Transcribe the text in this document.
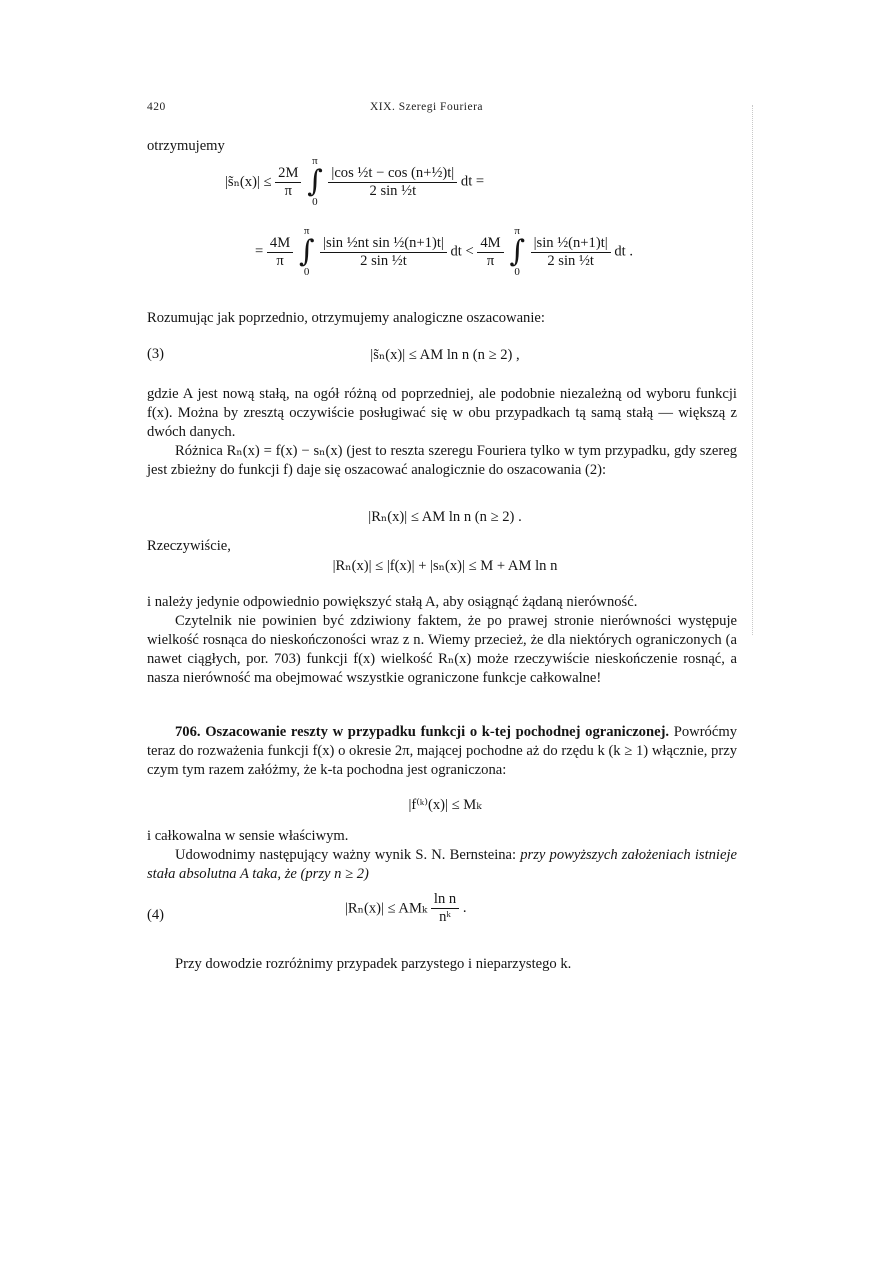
420	XIX. Szeregi Fouriera
otrzymujemy
|s̃ₙ(x)| ≤ $\frac{2M}{\pi}$
π
∫
0
$\frac{\text{|cos ½t − cos (n+½)t|}}{\text{2 sin ½t}}$ dt =
= $\frac{4M}{\pi}$
π
∫
0
$\frac{\text{|sin ½nt sin ½(n+1)t|}}{\text{2 sin ½t}}$ dt < $\frac{4M}{\pi}$
π
∫
0
$\frac{\text{|sin ½(n+1)t|}}{\text{2 sin ½t}}$ dt .
Rozumując jak poprzednio, otrzymujemy analogiczne oszacowanie:
(3)	|s̃ₙ(x)| ≤ AM ln n (n ≥ 2) ,
gdzie A jest nową stałą, na ogół różną od poprzedniej, ale podobnie niezależną od wyboru funkcji f(x). Można by zresztą oczywiście posługiwać się w obu przypadkach tą samą stałą — większą z dwóch danych.
Różnica Rₙ(x) = f(x) − sₙ(x) (jest to reszta szeregu Fouriera tylko w tym przypadku, gdy szereg jest zbieżny do funkcji f) daje się oszacować analogicznie do oszacowania (2):
|Rₙ(x)| ≤ AM ln n (n ≥ 2) .
Rzeczywiście,
|Rₙ(x)| ≤ |f(x)| + |sₙ(x)| ≤ M + AM ln n
i należy jedynie odpowiednio powiększyć stałą A, aby osiągnąć żądaną nierówność.
Czytelnik nie powinien być zdziwiony faktem, że po prawej stronie nierówności występuje wielkość rosnąca do nieskończoności wraz z n. Wiemy przecież, że dla niektórych ograniczonych (a nawet ciągłych, por. 703) funkcji f(x) wielkość Rₙ(x) może rzeczywiście nieskończenie rosnąć, a nasza nierówność ma obejmować wszystkie ograniczone funkcje całkowalne!
706. Oszacowanie reszty w przypadku funkcji o k-tej pochodnej ograniczonej. Powróćmy teraz do rozważenia funkcji f(x) o okresie 2π, mającej pochodne aż do rzędu k (k ≥ 1) włącznie, przy czym tym razem załóżmy, że k-ta pochodna jest ograniczona:
|f⁽ᵏ⁾(x)| ≤ Mₖ
i całkowalna w sensie właściwym.
Udowodnimy następujący ważny wynik S. N. Bernsteina: przy powyższych założeniach istnieje stała absolutna A taka, że (przy n ≥ 2)
(4)	|Rₙ(x)| ≤ AMₖ $\frac{\text{ln n}}{\text{nᵏ}}$ .
Przy dowodzie rozróżnimy przypadek parzystego i nieparzystego k.
